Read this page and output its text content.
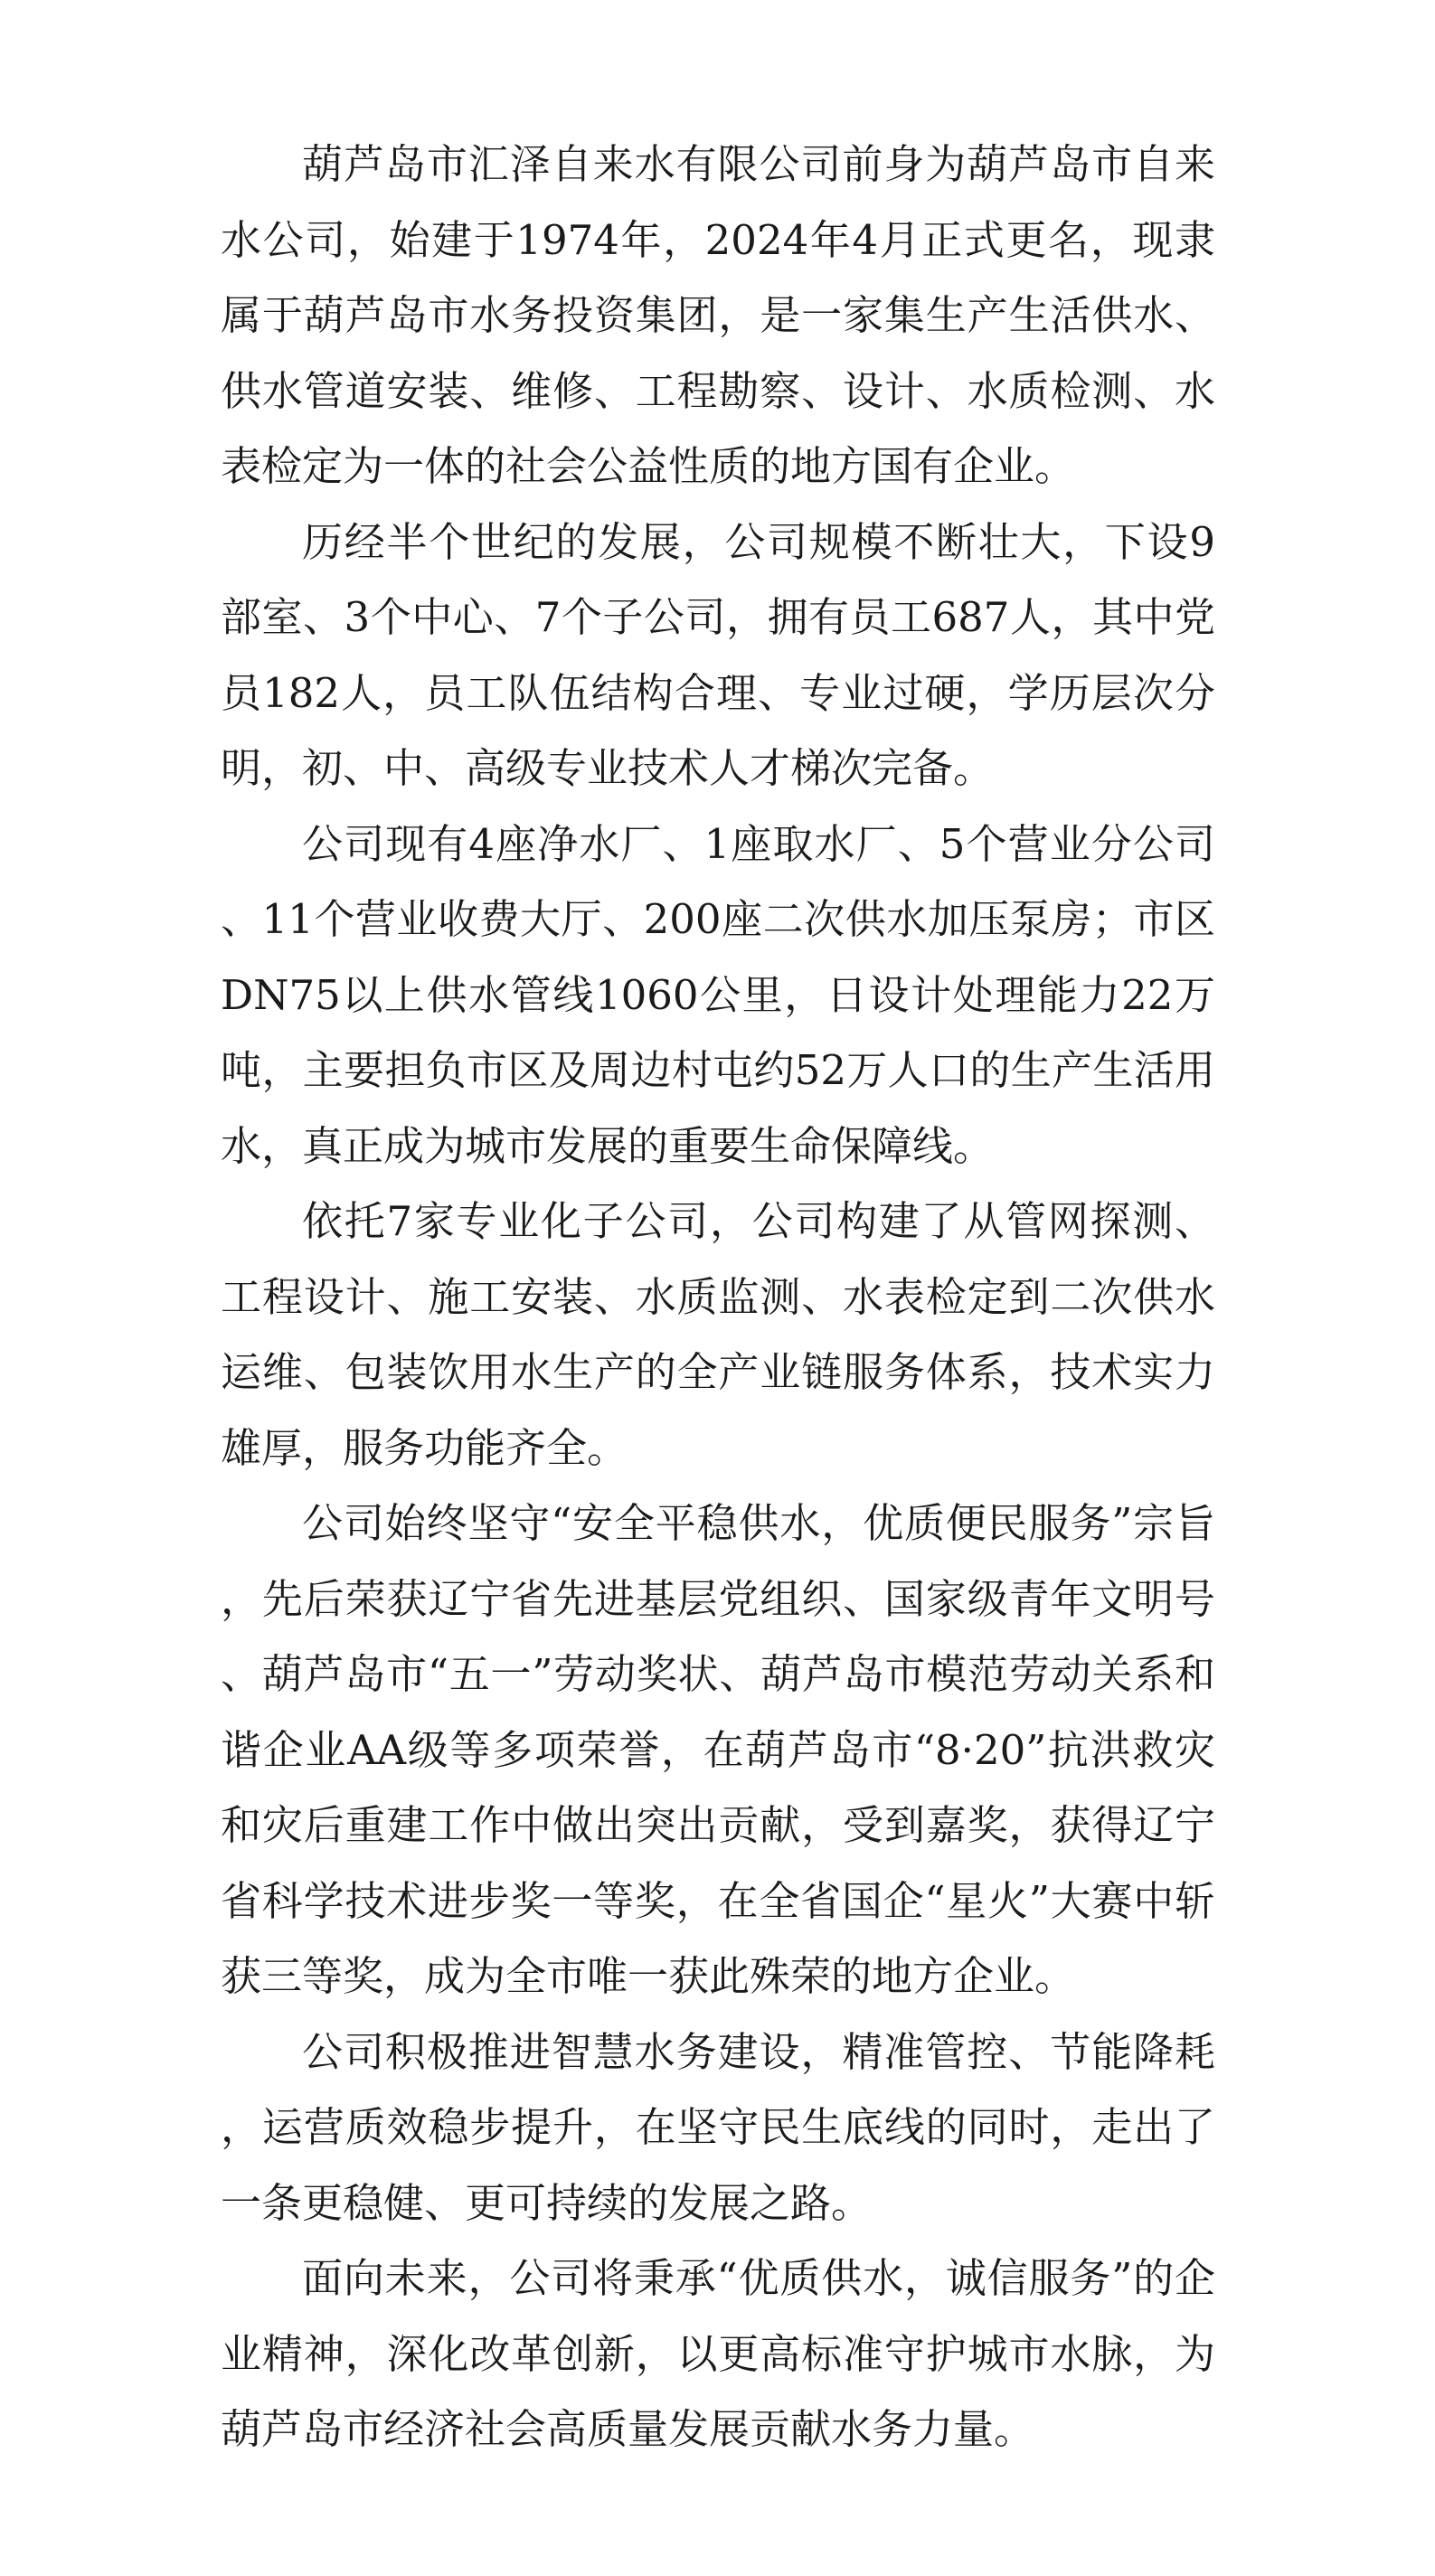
葫芦岛市汇泽自来水有限公司前身为葫芦岛市自来水公司，始建于1974年，2024年4月正式更名，现隶属于葫芦岛市水务投资集团，是一家集生产生活供水、供水管道安装、维修、工程勘察、设计、水质检测、水表检定为一体的社会公益性质的地方国有企业。

历经半个世纪的发展，公司规模不断壮大，下设9部室、3个中心、7个子公司，拥有员工687人，其中党员182人，员工队伍结构合理、专业过硬，学历层次分明，初、中、高级专业技术人才梯次完备。

公司现有4座净水厂、1座取水厂、5个营业分公司、11个营业收费大厅、200座二次供水加压泵房；市区DN75以上供水管线1060公里，日设计处理能力22万吨，主要担负市区及周边村屯约52万人口的生产生活用水，真正成为城市发展的重要生命保障线。

依托7家专业化子公司，公司构建了从管网探测、工程设计、施工安装、水质监测、水表检定到二次供水运维、包装饮用水生产的全产业链服务体系，技术实力雄厚，服务功能齐全。

公司始终坚守“安全平稳供水，优质便民服务”宗旨，先后荣获辽宁省先进基层党组织、国家级青年文明号、葫芦岛市“五一”劳动奖状、葫芦岛市模范劳动关系和谐企业AA级等多项荣誉，在葫芦岛市“8·20”抗洪救灾和灾后重建工作中做出突出贡献，受到嘉奖，获得辽宁省科学技术进步奖一等奖，在全省国企“星火”大赛中斩获三等奖，成为全市唯一获此殊荣的地方企业。

公司积极推进智慧水务建设，精准管控、节能降耗，运营质效稳步提升，在坚守民生底线的同时，走出了一条更稳健、更可持续的发展之路。

面向未来，公司将秉承“优质供水，诚信服务”的企业精神，深化改革创新，以更高标准守护城市水脉，为葫芦岛市经济社会高质量发展贡献水务力量。
